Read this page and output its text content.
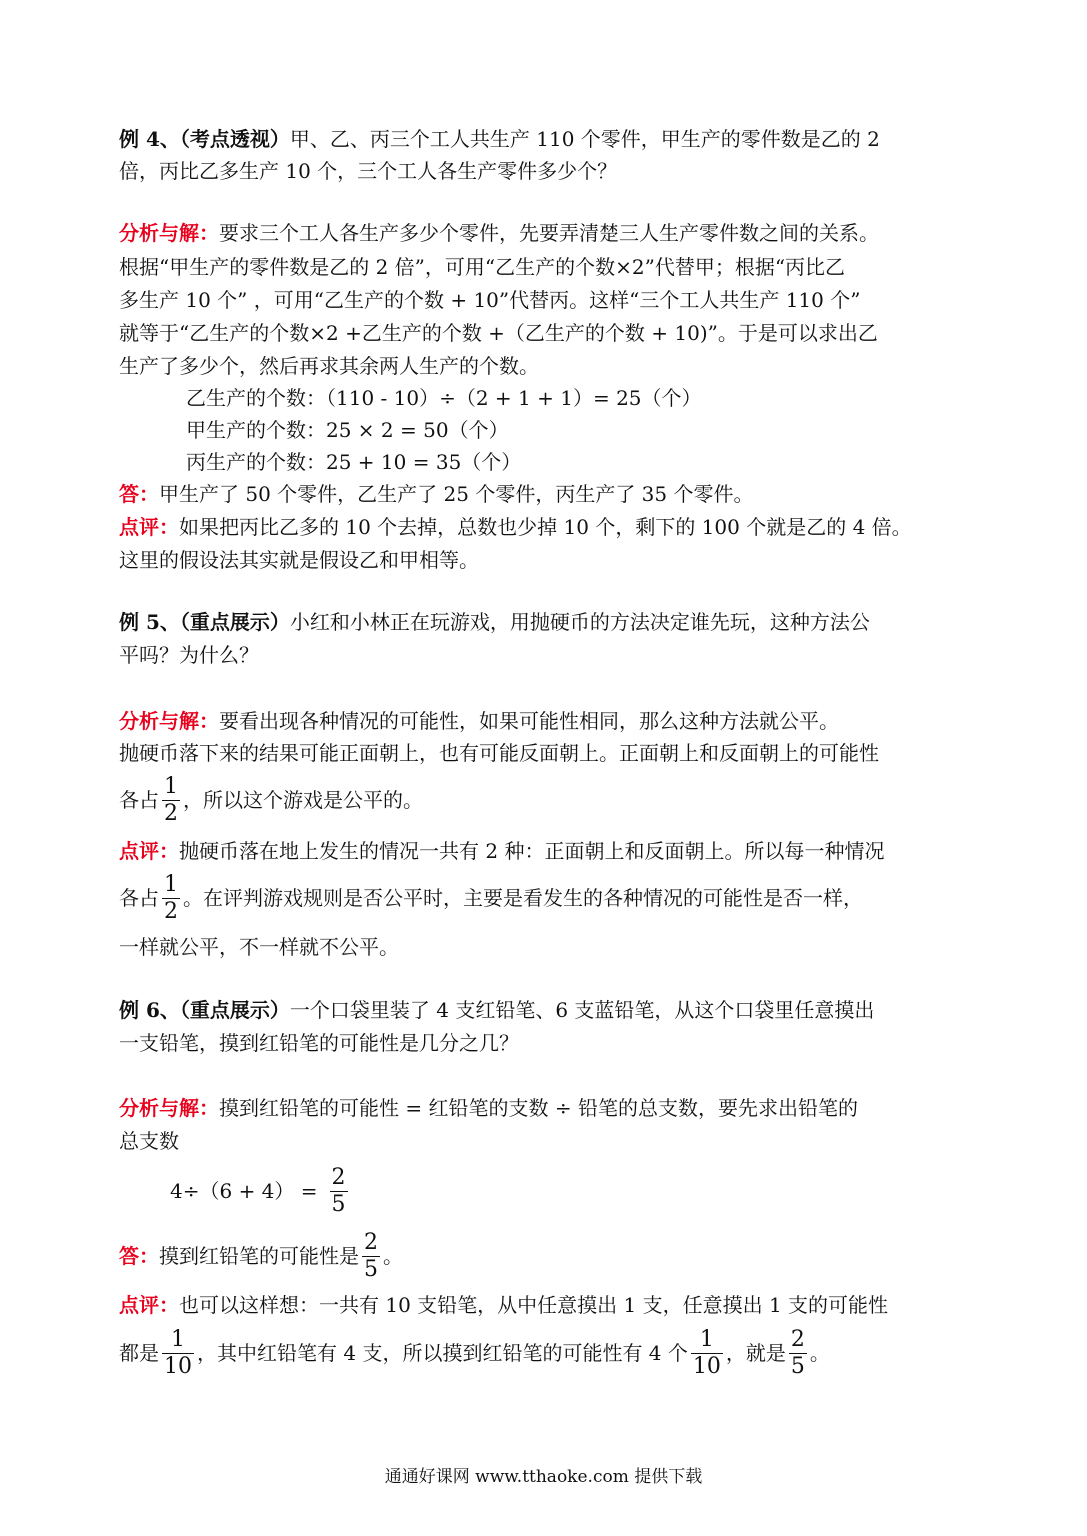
例 4、（考点透视）甲、乙、丙三个工人共生产 110 个零件，甲生产的零件数是乙的 2
倍，丙比乙多生产 10 个，三个工人各生产零件多少个？
分析与解：要求三个工人各生产多少个零件，先要弄清楚三人生产零件数之间的关系。
根据“甲生产的零件数是乙的 2 倍”，可用“乙生产的个数×2”代替甲；根据“丙比乙
多生产 10 个” ，可用“乙生产的个数 + 10”代替丙。这样“三个工人共生产 110 个”
就等于“乙生产的个数×2 +乙生产的个数 +（乙生产的个数 + 10)”。于是可以求出乙
生产了多少个，然后再求其余两人生产的个数。
乙生产的个数：（110 - 10）÷（2 + 1 + 1）= 25（个）
甲生产的个数：25 × 2 = 50（个）
丙生产的个数：25 + 10 = 35（个）
答：甲生产了 50 个零件，乙生产了 25 个零件，丙生产了 35 个零件。
点评：如果把丙比乙多的 10 个去掉，总数也少掉 10 个，剩下的 100 个就是乙的 4 倍。
这里的假设法其实就是假设乙和甲相等。
例 5、（重点展示）小红和小林正在玩游戏，用抛硬币的方法决定谁先玩，这种方法公
平吗？为什么？
分析与解：要看出现各种情况的可能性，如果可能性相同，那么这种方法就公平。
抛硬币落下来的结果可能正面朝上，也有可能反面朝上。正面朝上和反面朝上的可能性
各占 $\frac{1}{2}$ ，所以这个游戏是公平的。
点评：抛硬币落在地上发生的情况一共有 2 种：正面朝上和反面朝上。所以每一种情况
各占 $\frac{1}{2}$ 。在评判游戏规则是否公平时，主要是看发生的各种情况的可能性是否一样，
一样就公平，不一样就不公平。
例 6、（重点展示）一个口袋里装了 4 支红铅笔、6 支蓝铅笔，从这个口袋里任意摸出
一支铅笔，摸到红铅笔的可能性是几分之几？
分析与解：摸到红铅笔的可能性 = 红铅笔的支数 ÷ 铅笔的总支数，要先求出铅笔的
总支数
$4\div(6 + 4) = \frac{2}{5}$
答： 摸到红铅笔的可能性是 $\frac{2}{5}$ 。
点评：也可以这样想：一共有 10 支铅笔，从中任意摸出 1 支，任意摸出 1 支的可能性
都是 $\frac{1}{10}$ ，其中红铅笔有 4 支，所以摸到红铅笔的可能性有 4 个 $\frac{1}{10}$ ，就是 $\frac{2}{5}$ 。
通通好课网 www.tthaoke.com 提供下载
